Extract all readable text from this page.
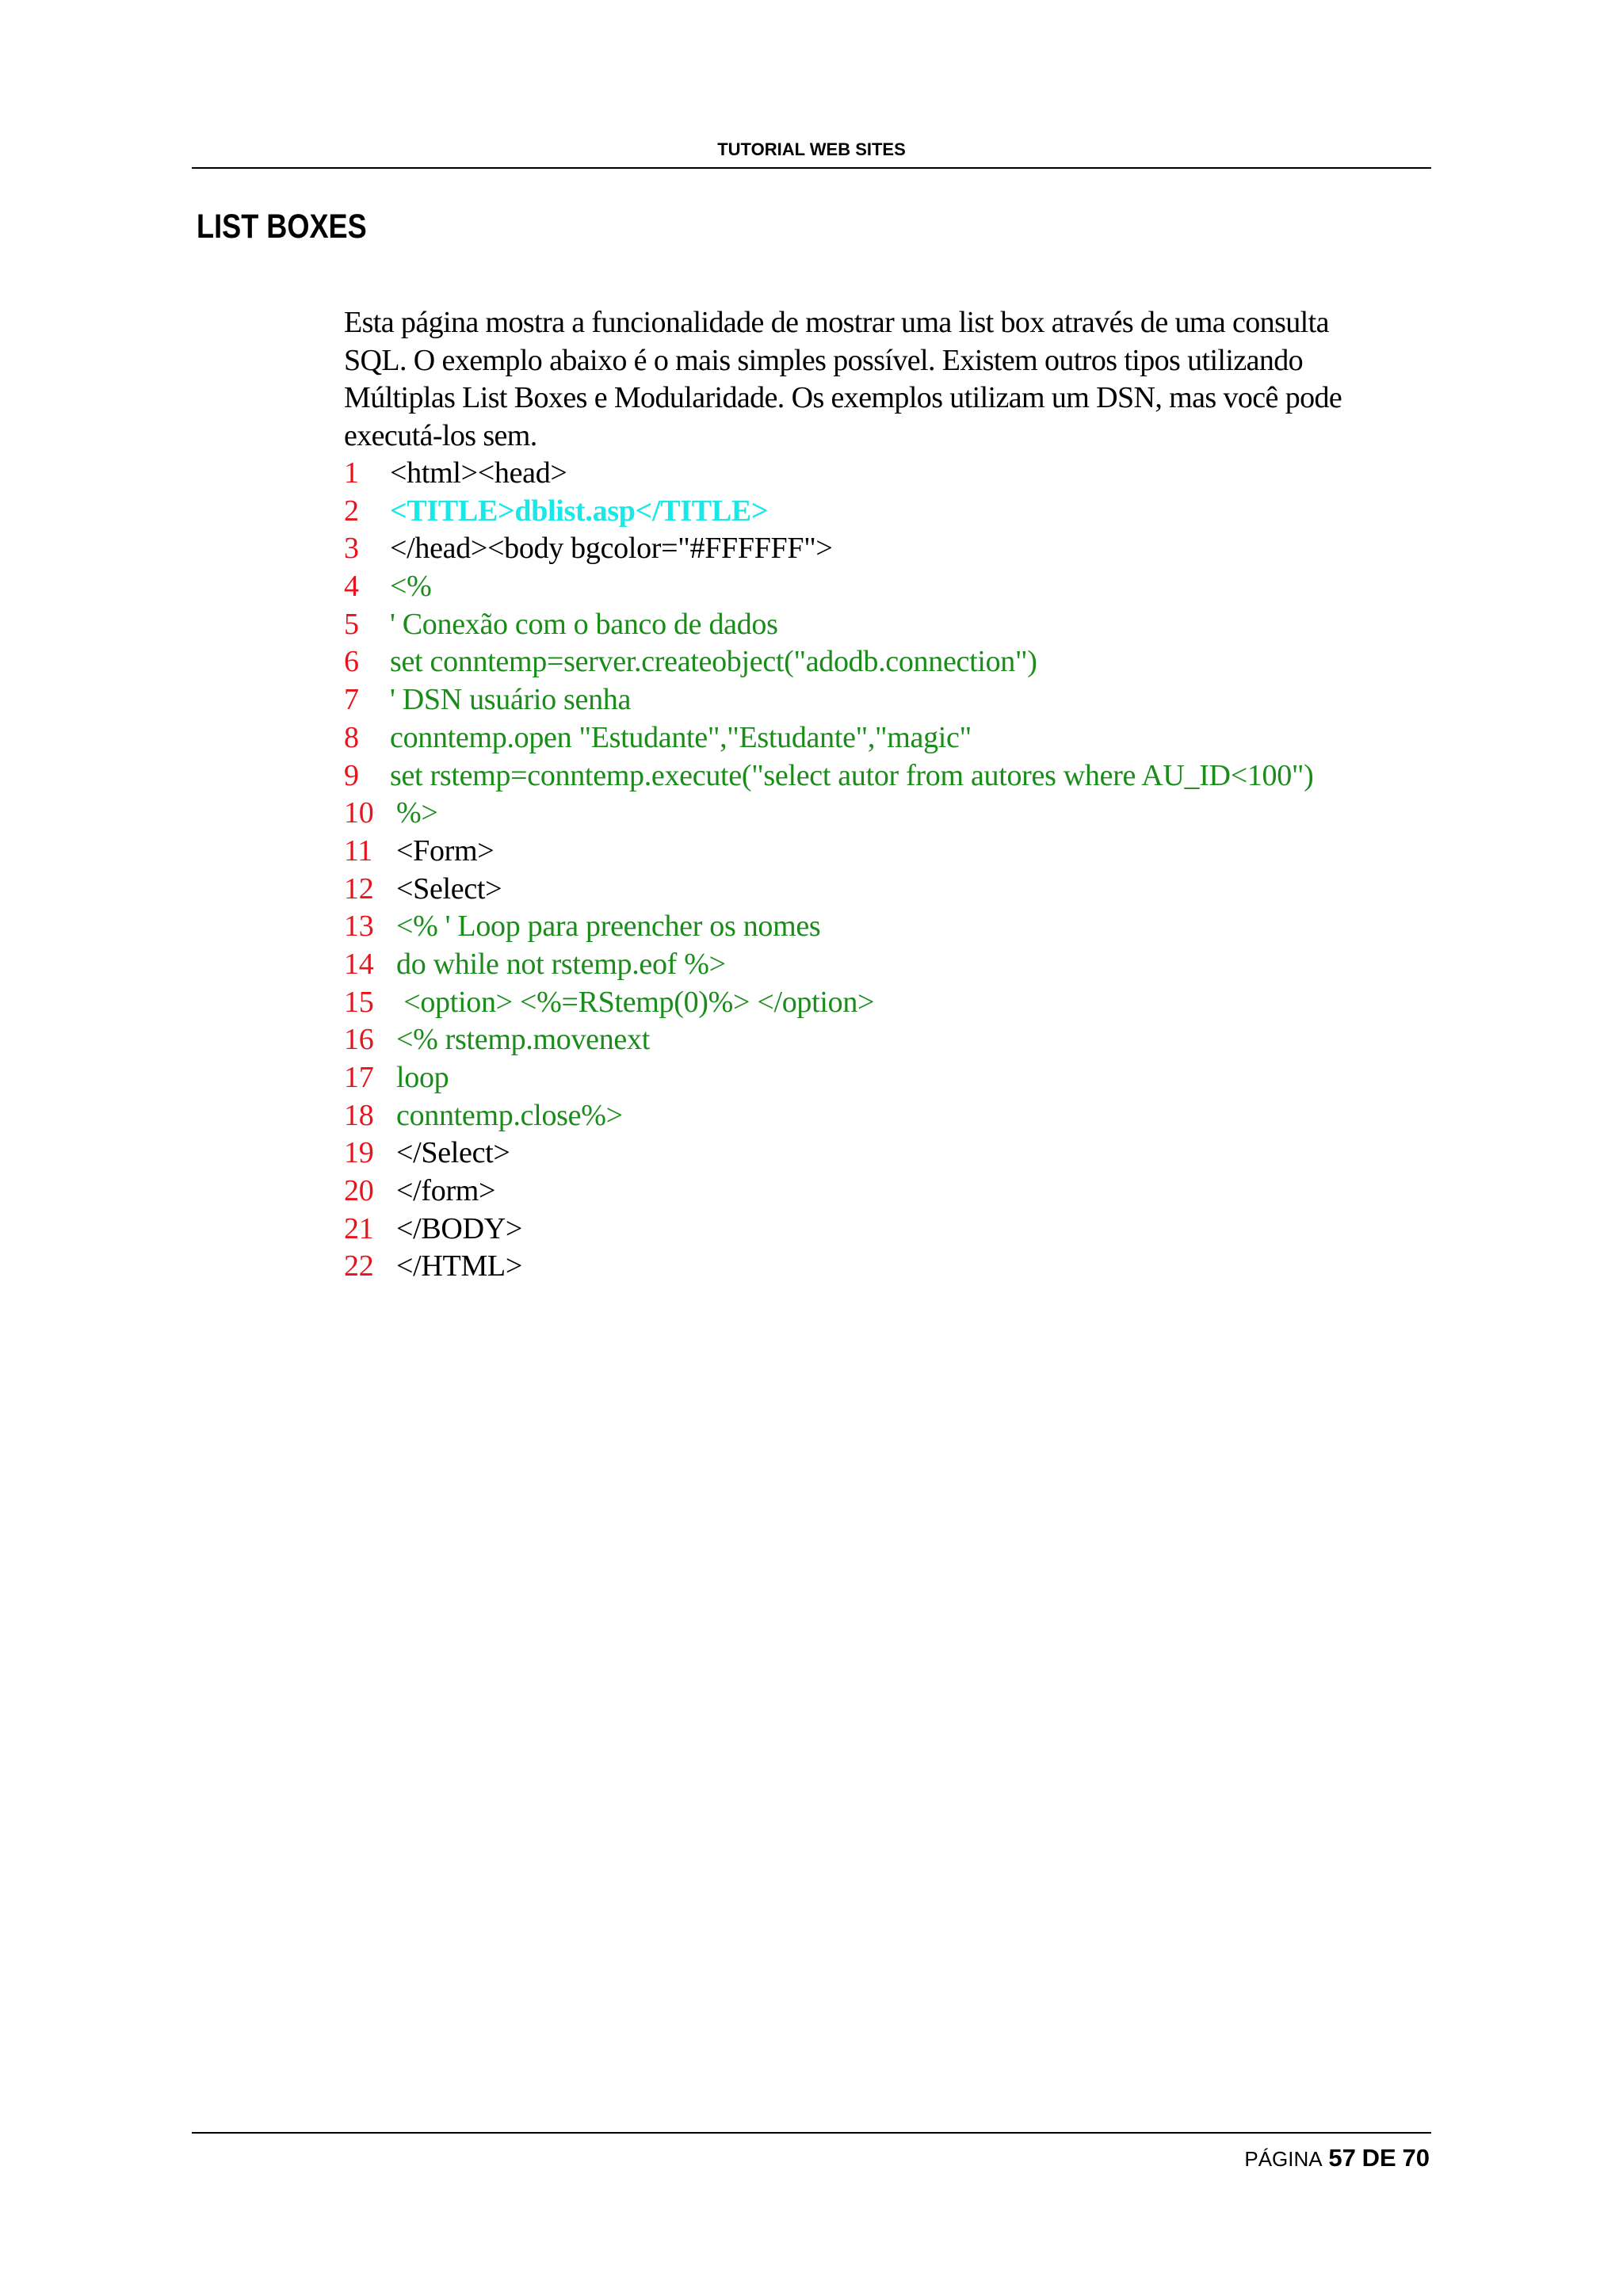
TUTORIAL WEB SITES
LIST BOXES
Esta página mostra a funcionalidade de mostrar uma list box através de uma consulta
SQL. O exemplo abaixo é o mais simples possível. Existem outros tipos utilizando
Múltiplas List Boxes e Modularidade. Os exemplos utilizam um DSN, mas você pode
executá-los sem.
1 <html><head>
2 <TITLE>dblist.asp</TITLE>
3 </head><body bgcolor="#FFFFFF">
4 <%
5 ' Conexão com o banco de dados
6 set conntemp=server.createobject("adodb.connection")
7 ' DSN usuário senha
8 conntemp.open "Estudante","Estudante","magic"
9 set rstemp=conntemp.execute("select autor from autores where AU_ID<100")
10 %>
11 <Form>
12 <Select>
13 <% ' Loop para preencher os nomes
14 do while not rstemp.eof %>
15 <option> <%=RStemp(0)%> </option>
16 <% rstemp.movenext
17 loop
18 conntemp.close%>
19 </Select>
20 </form>
21 </BODY>
22 </HTML>
PÁGINA 57 DE 70
